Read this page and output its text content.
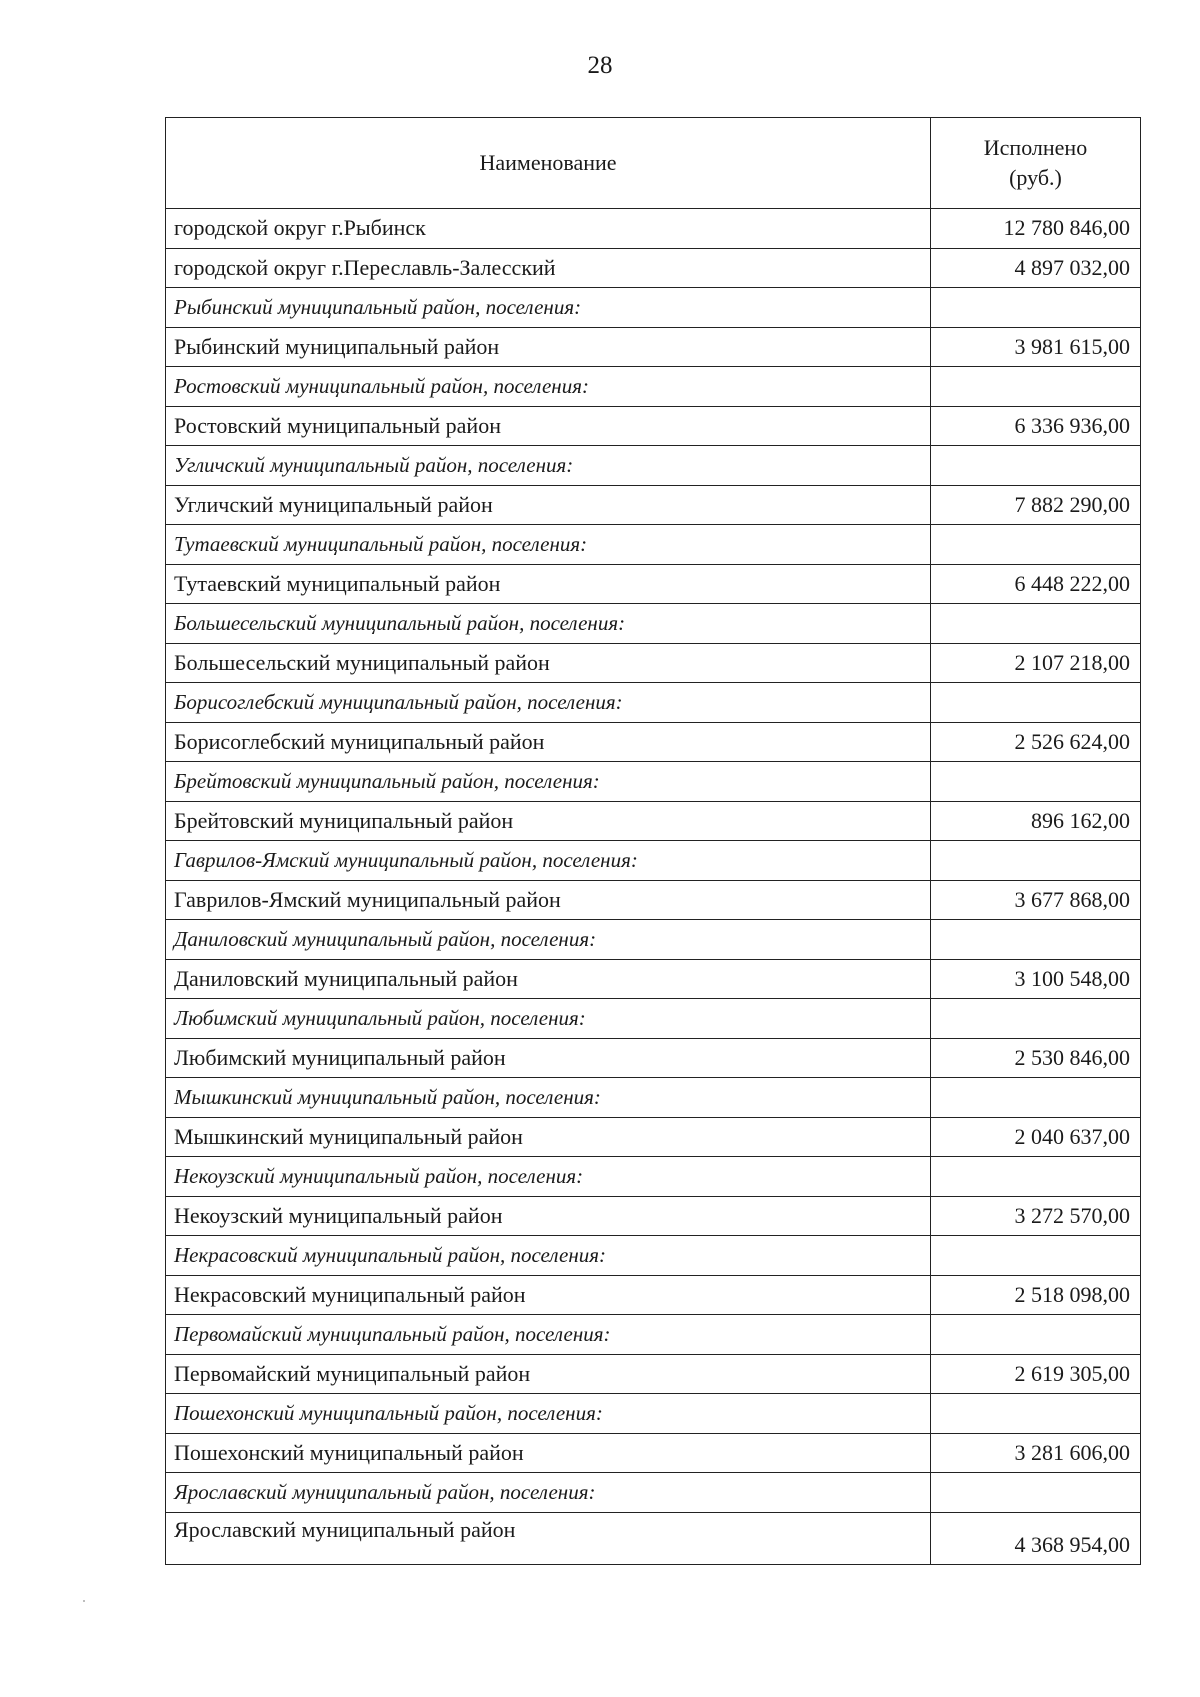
28
Наименование	Исполнено
(руб.)
городской округ г.Рыбинск	12 780 846,00
городской округ г.Переславль-Залесский	4 897 032,00
Рыбинский муниципальный район, поселения:	
Рыбинский муниципальный район	3 981 615,00
Ростовский муниципальный район, поселения:	
Ростовский муниципальный район	6 336 936,00
Угличский муниципальный район, поселения:	
Угличский муниципальный район	7 882 290,00
Тутаевский муниципальный район, поселения:	
Тутаевский муниципальный район	6 448 222,00
Большесельский муниципальный район, поселения:	
Большесельский муниципальный район	2 107 218,00
Борисоглебский муниципальный район, поселения:	
Борисоглебский муниципальный район	2 526 624,00
Брейтовский муниципальный район, поселения:	
Брейтовский муниципальный район	896 162,00
Гаврилов-Ямский муниципальный район, поселения:	
Гаврилов-Ямский муниципальный район	3 677 868,00
Даниловский муниципальный район, поселения:	
Даниловский муниципальный район	3 100 548,00
Любимский муниципальный район, поселения:	
Любимский муниципальный район	2 530 846,00
Мышкинский муниципальный район, поселения:	
Мышкинский муниципальный район	2 040 637,00
Некоузский муниципальный район, поселения:	
Некоузский муниципальный район	3 272 570,00
Некрасовский муниципальный район, поселения:	
Некрасовский муниципальный район	2 518 098,00
Первомайский муниципальный район, поселения:	
Первомайский муниципальный район	2 619 305,00
Пошехонский муниципальный район, поселения:	
Пошехонский муниципальный район	3 281 606,00
Ярославский муниципальный район, поселения:	
Ярославский муниципальный район	4 368 954,00
